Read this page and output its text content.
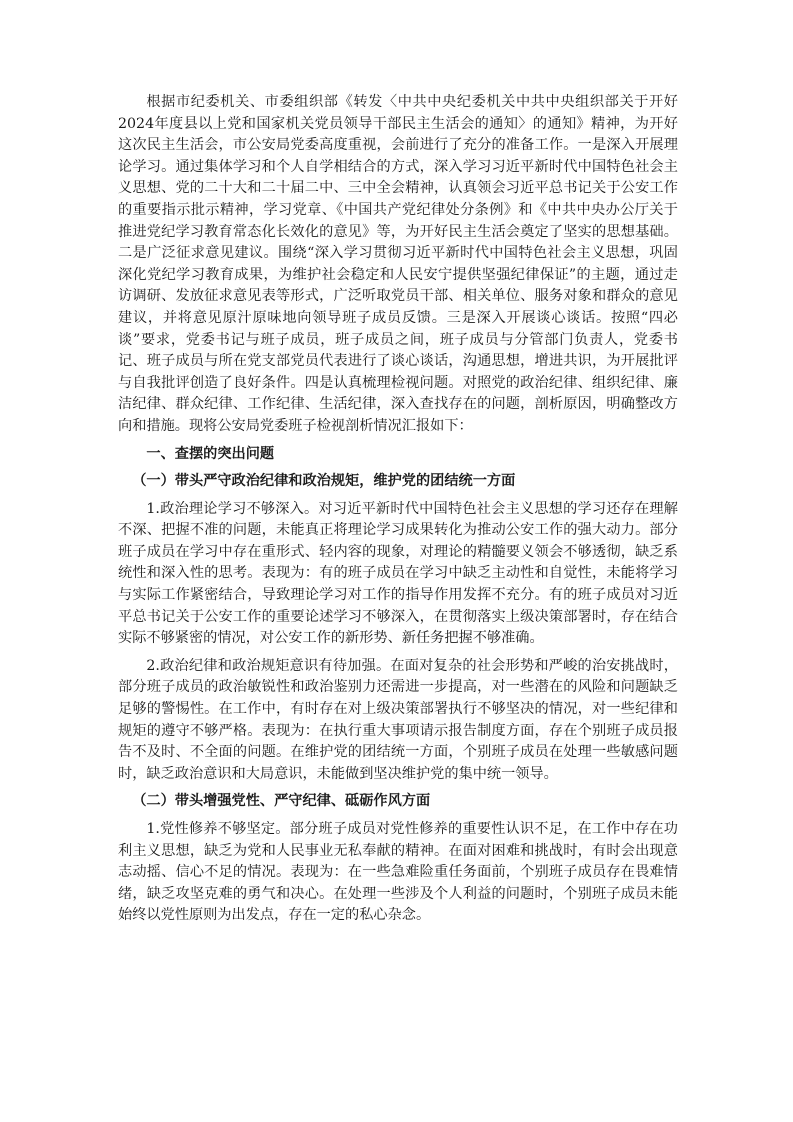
根据市纪委机关、市委组织部《转发〈中共中央纪委机关中共中央组织部关于开好2024年度县以上党和国家机关党员领导干部民主生活会的通知〉的通知》精神，为开好这次民主生活会，市公安局党委高度重视，会前进行了充分的准备工作。一是深入开展理论学习。通过集体学习和个人自学相结合的方式，深入学习习近平新时代中国特色社会主义思想、党的二十大和二十届二中、三中全会精神，认真领会习近平总书记关于公安工作的重要指示批示精神，学习党章、《中国共产党纪律处分条例》和《中共中央办公厅关于推进党纪学习教育常态化长效化的意见》等，为开好民主生活会奠定了坚实的思想基础。二是广泛征求意见建议。围绕“深入学习贯彻习近平新时代中国特色社会主义思想，巩固深化党纪学习教育成果，为维护社会稳定和人民安宁提供坚强纪律保证”的主题，通过走访调研、发放征求意见表等形式，广泛听取党员干部、相关单位、服务对象和群众的意见建议，并将意见原汁原味地向领导班子成员反馈。三是深入开展谈心谈话。按照“四必谈”要求，党委书记与班子成员，班子成员之间，班子成员与分管部门负责人，党委书记、班子成员与所在党支部党员代表进行了谈心谈话，沟通思想，增进共识，为开展批评与自我批评创造了良好条件。四是认真梳理检视问题。对照党的政治纪律、组织纪律、廉洁纪律、群众纪律、工作纪律、生活纪律，深入查找存在的问题，剖析原因，明确整改方向和措施。现将公安局党委班子检视剖析情况汇报如下：

一、查摆的突出问题
（一）带头严守政治纪律和政治规矩，维护党的团结统一方面

1.政治理论学习不够深入。对习近平新时代中国特色社会主义思想的学习还存在理解不深、把握不准的问题，未能真正将理论学习成果转化为推动公安工作的强大动力。部分班子成员在学习中存在重形式、轻内容的现象，对理论的精髓要义领会不够透彻，缺乏系统性和深入性的思考。表现为：有的班子成员在学习中缺乏主动性和自觉性，未能将学习与实际工作紧密结合，导致理论学习对工作的指导作用发挥不充分。有的班子成员对习近平总书记关于公安工作的重要论述学习不够深入，在贯彻落实上级决策部署时，存在结合实际不够紧密的情况，对公安工作的新形势、新任务把握不够准确。

2.政治纪律和政治规矩意识有待加强。在面对复杂的社会形势和严峻的治安挑战时，部分班子成员的政治敏锐性和政治鉴别力还需进一步提高，对一些潜在的风险和问题缺乏足够的警惕性。在工作中，有时存在对上级决策部署执行不够坚决的情况，对一些纪律和规矩的遵守不够严格。表现为：在执行重大事项请示报告制度方面，存在个别班子成员报告不及时、不全面的问题。在维护党的团结统一方面，个别班子成员在处理一些敏感问题时，缺乏政治意识和大局意识，未能做到坚决维护党的集中统一领导。

（二）带头增强党性、严守纪律、砥砺作风方面

1.党性修养不够坚定。部分班子成员对党性修养的重要性认识不足，在工作中存在功利主义思想，缺乏为党和人民事业无私奉献的精神。在面对困难和挑战时，有时会出现意志动摇、信心不足的情况。表现为：在一些急难险重任务面前，个别班子成员存在畏难情绪，缺乏攻坚克难的勇气和决心。在处理一些涉及个人利益的问题时，个别班子成员未能始终以党性原则为出发点，存在一定的私心杂念。
